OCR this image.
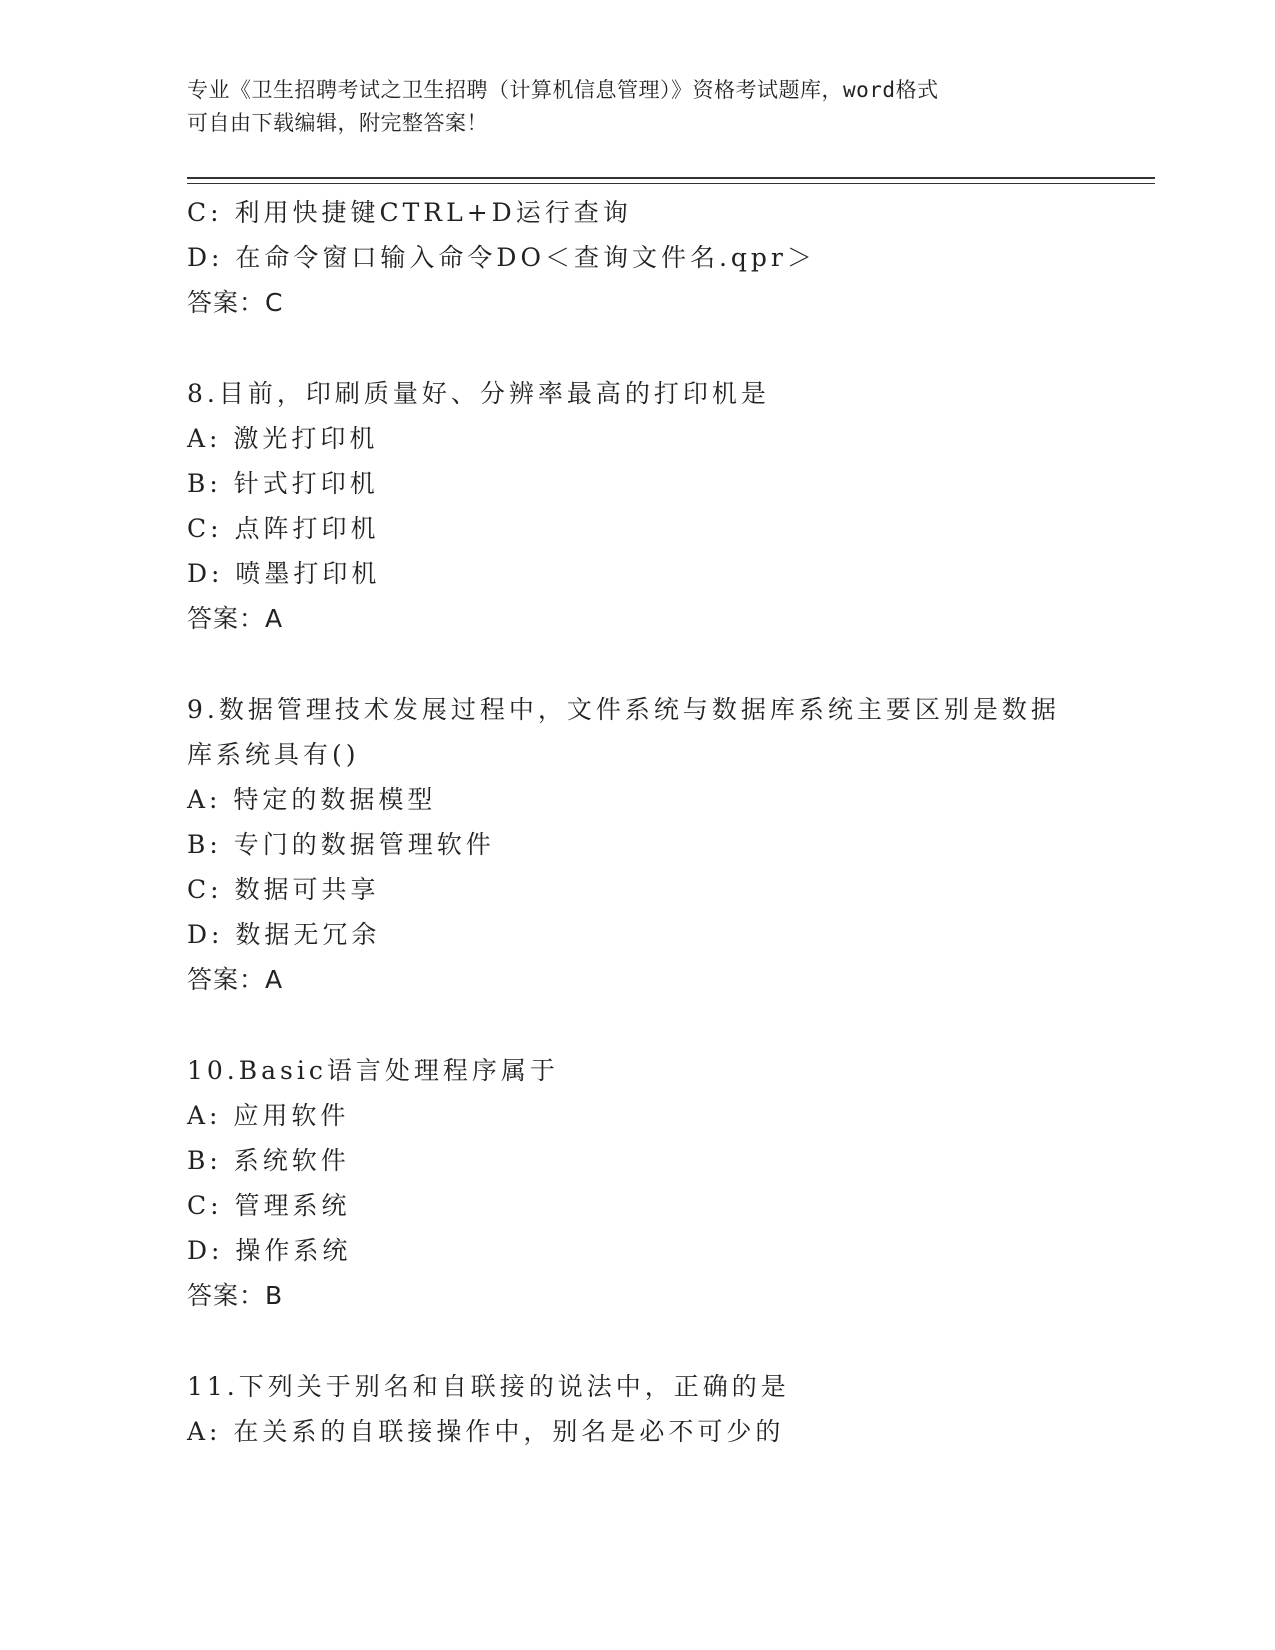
专业《卫生招聘考试之卫生招聘（计算机信息管理）》资格考试题库，word格式
可自由下载编辑，附完整答案！
C: 利用快捷键CTRL+D运行查询
D: 在命令窗口输入命令DO＜查询文件名.qpr＞
答案：C
8.目前，印刷质量好、分辨率最高的打印机是
A: 激光打印机
B: 针式打印机
C: 点阵打印机
D: 喷墨打印机
答案：A
9.数据管理技术发展过程中，文件系统与数据库系统主要区别是数据
库系统具有()
A: 特定的数据模型
B: 专门的数据管理软件
C: 数据可共享
D: 数据无冗余
答案：A
10.Basic语言处理程序属于
A: 应用软件
B: 系统软件
C: 管理系统
D: 操作系统
答案：B
11.下列关于别名和自联接的说法中，正确的是
A: 在关系的自联接操作中，别名是必不可少的
